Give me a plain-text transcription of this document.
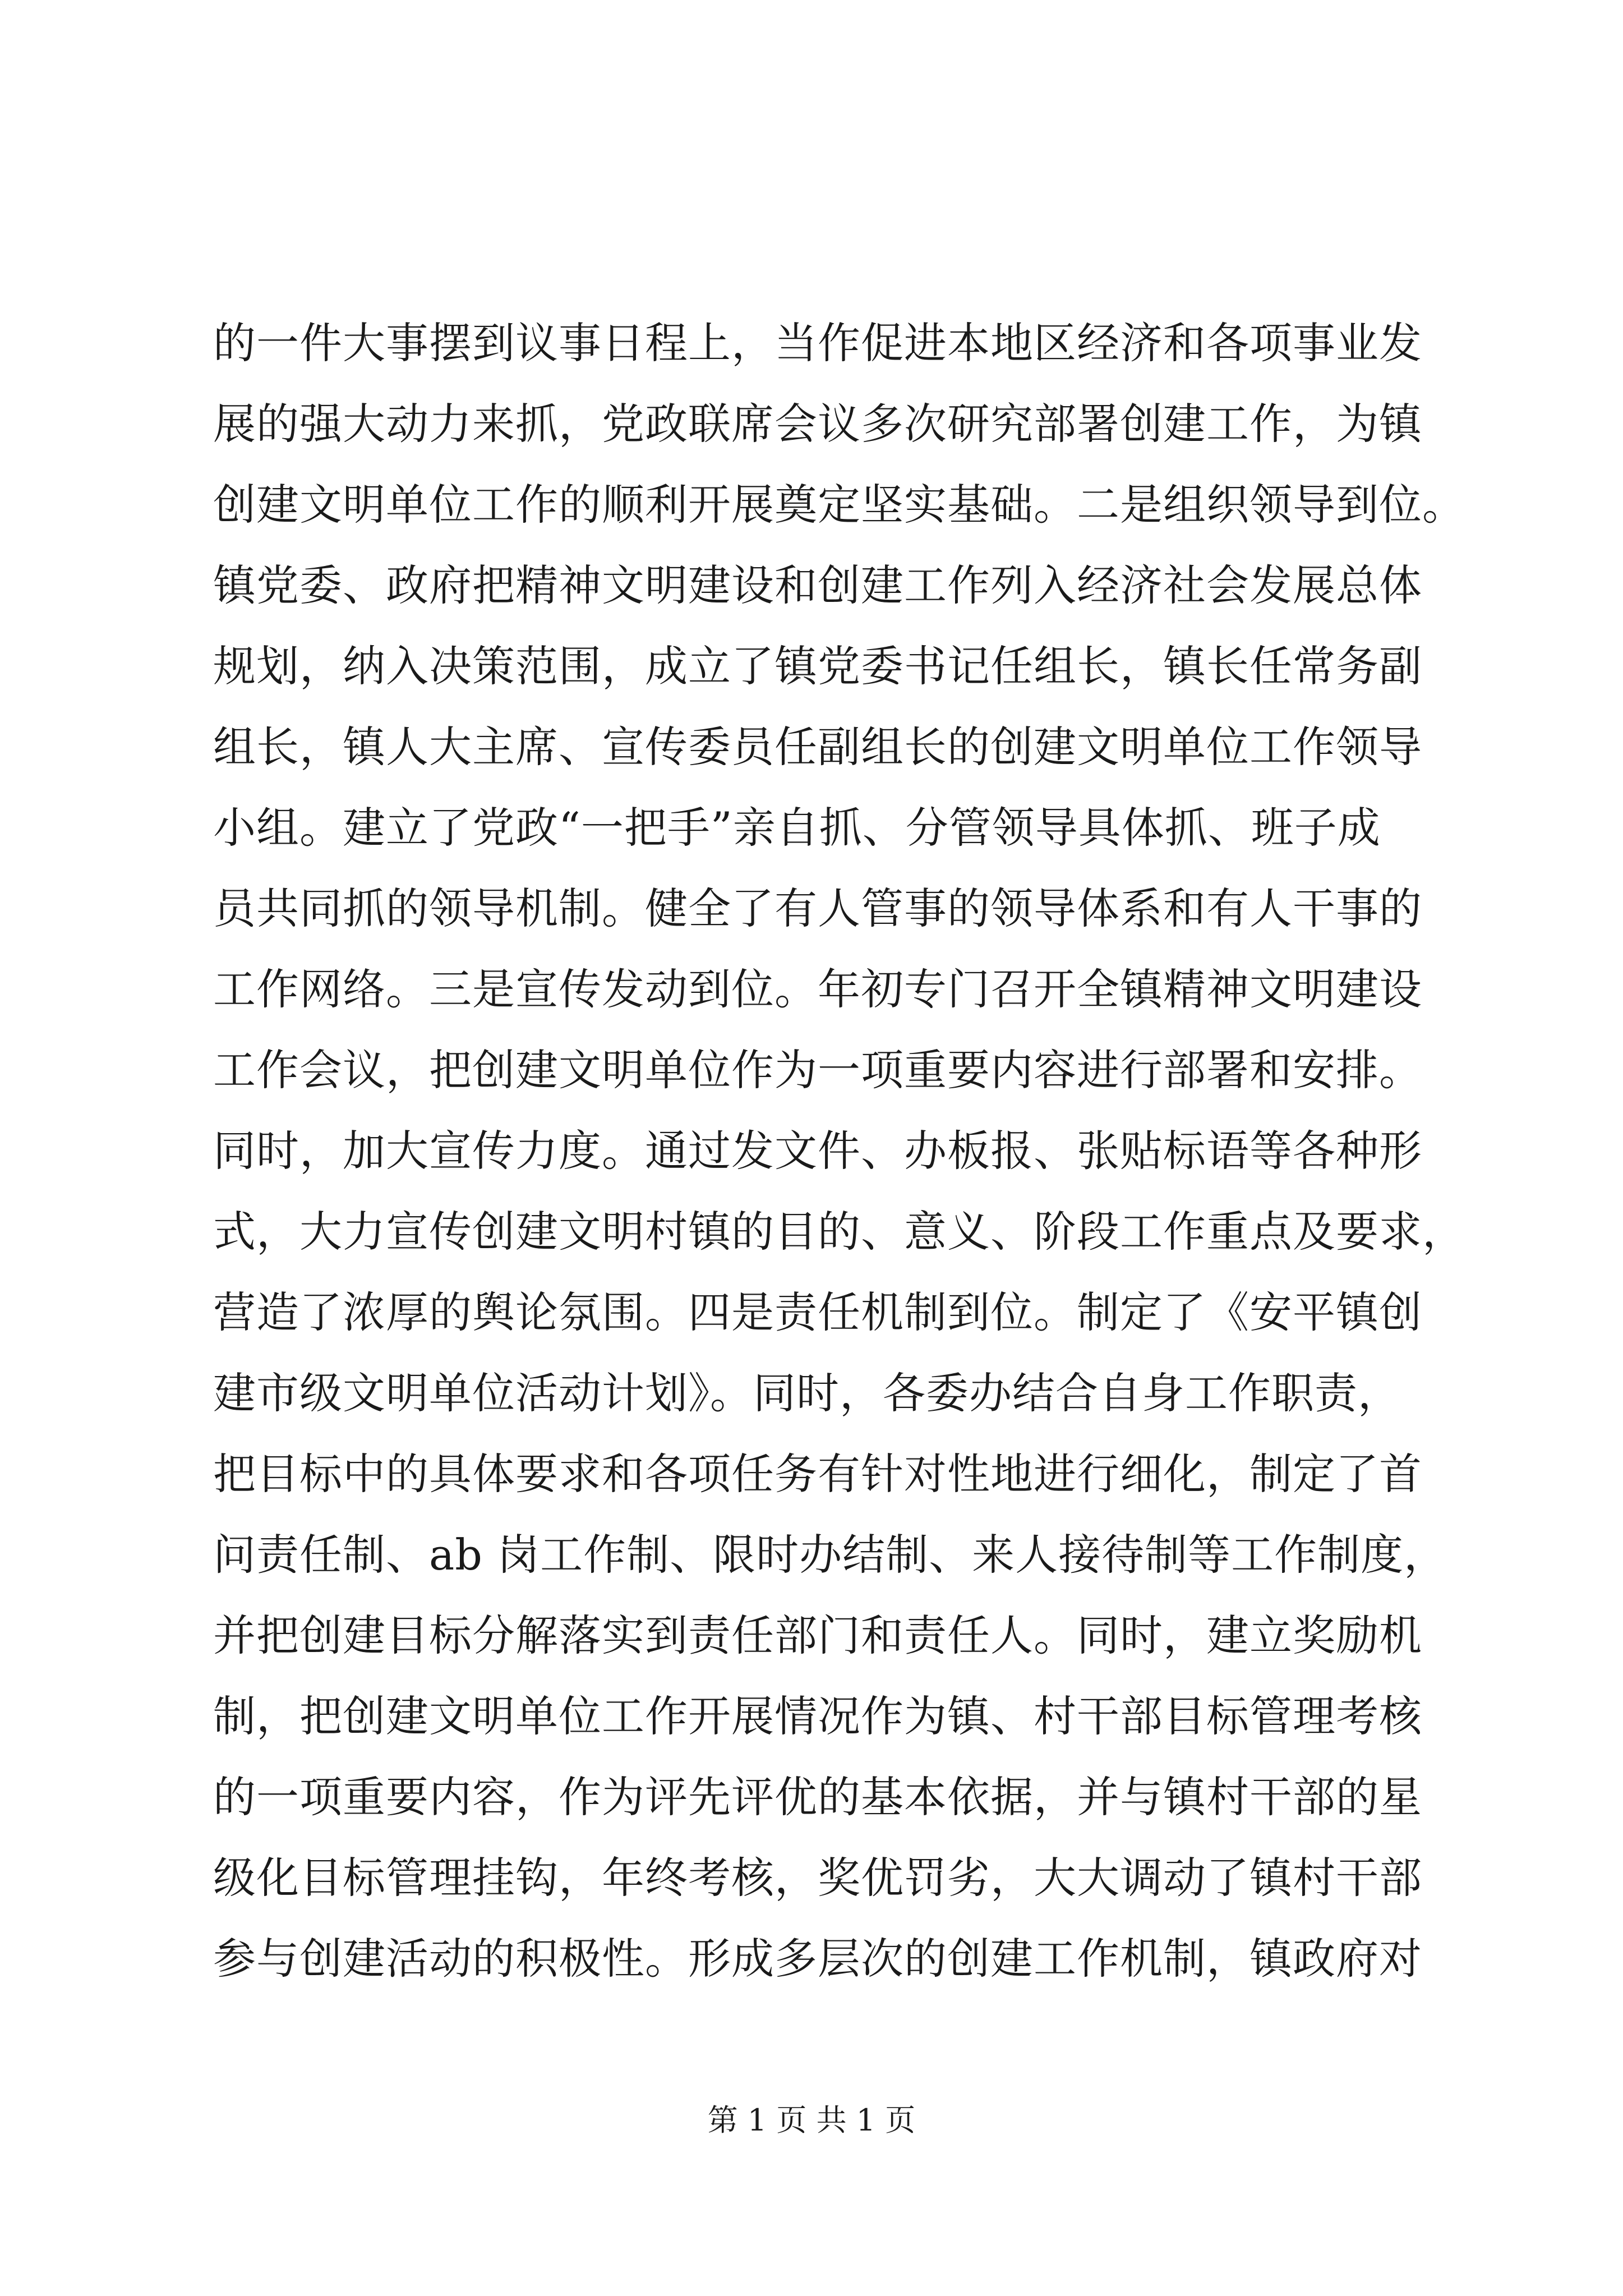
的一件大事摆到议事日程上，当作促进本地区经济和各项事业发
展的强大动力来抓，党政联席会议多次研究部署创建工作，为镇
创建文明单位工作的顺利开展奠定坚实基础。二是组织领导到位。
镇党委、政府把精神文明建设和创建工作列入经济社会发展总体
规划，纳入决策范围，成立了镇党委书记任组长，镇长任常务副
组长，镇人大主席、宣传委员任副组长的创建文明单位工作领导
小组。建立了党政“一把手”亲自抓、分管领导具体抓、班子成
员共同抓的领导机制。健全了有人管事的领导体系和有人干事的
工作网络。三是宣传发动到位。年初专门召开全镇精神文明建设
工作会议，把创建文明单位作为一项重要内容进行部署和安排。
同时，加大宣传力度。通过发文件、办板报、张贴标语等各种形
式，大力宣传创建文明村镇的目的、意义、阶段工作重点及要求，
营造了浓厚的舆论氛围。四是责任机制到位。制定了《安平镇创
建市级文明单位活动计划》。同时，各委办结合自身工作职责，
把目标中的具体要求和各项任务有针对性地进行细化，制定了首
问责任制、ab 岗工作制、限时办结制、来人接待制等工作制度，
并把创建目标分解落实到责任部门和责任人。同时，建立奖励机
制，把创建文明单位工作开展情况作为镇、村干部目标管理考核
的一项重要内容，作为评先评优的基本依据，并与镇村干部的星
级化目标管理挂钩，年终考核，奖优罚劣，大大调动了镇村干部
参与创建活动的积极性。形成多层次的创建工作机制，镇政府对
第 1 页 共 1 页
